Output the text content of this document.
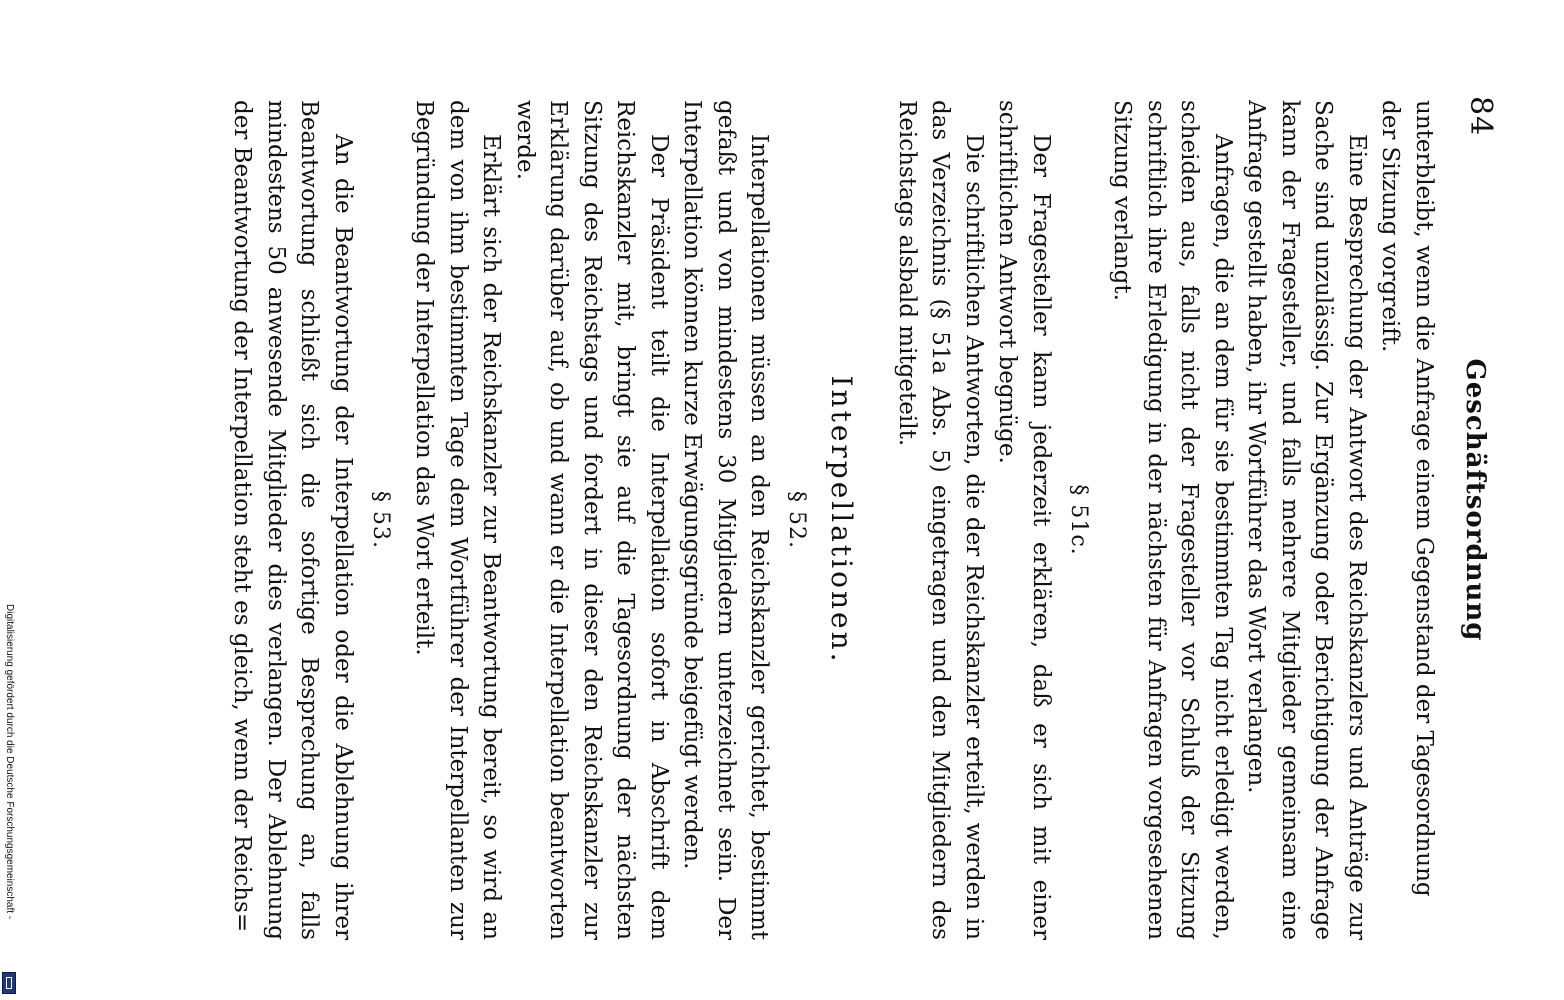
84
Geschäftsordnung

unterbleibt, wenn die Anfrage einem Gegenstand der Tagesordnung
der Sitzung vorgreift.

Eine Besprechung der Antwort des Reichskanzlers und Anträge zur Sache sind unzulässig. Zur Ergänzung oder Berichtigung der Anfrage kann der Fragesteller, und falls mehrere Mitglieder gemeinsam eine Anfrage gestellt haben, ihr Wortführer das Wort verlangen.

Anfragen, die an dem für sie bestimmten Tag nicht erledigt werden, scheiden aus, falls nicht der Fragesteller vor Schluß der Sitzung schriftlich ihre Erledigung in der nächsten für Anfragen vorgesehenen Sitzung verlangt.

§ 51c.

Der Fragesteller kann jederzeit erklären, daß er sich mit einer schriftlichen Antwort begnüge.

Die schriftlichen Antworten, die der Reichskanzler erteilt, werden in das Verzeichnis (§ 51a Abs. 5) eingetragen und den Mitgliedern des Reichstags alsbald mitgeteilt.

Interpellationen.
§ 52.

Interpellationen müssen an den Reichskanzler gerichtet, bestimmt gefaßt und von mindestens 30 Mitgliedern unterzeichnet sein. Der Interpellation können kurze Erwägungsgründe beigefügt werden.

Der Präsident teilt die Interpellation sofort in Abschrift dem Reichskanzler mit, bringt sie auf die Tagesordnung der nächsten Sitzung des Reichstags und fordert in dieser den Reichskanzler zur Erklärung darüber auf, ob und wann er die Interpellation beantworten werde.

Erklärt sich der Reichskanzler zur Beantwortung bereit, so wird an dem von ihm bestimmten Tage dem Wortführer der Interpellanten zur Begründung der Interpellation das Wort erteilt.

§ 53.

An die Beantwortung der Interpellation oder die Ablehnung ihrer Beantwortung schließt sich die sofortige Besprechung an, falls mindestens 50 anwesende Mitglieder dies verlangen. Der Ablehnung der Beantwortung der Interpellation steht es gleich, wenn der Reichs=

Digitalisierung gefördert durch die Deutsche Forschungsgemeinschaft -
